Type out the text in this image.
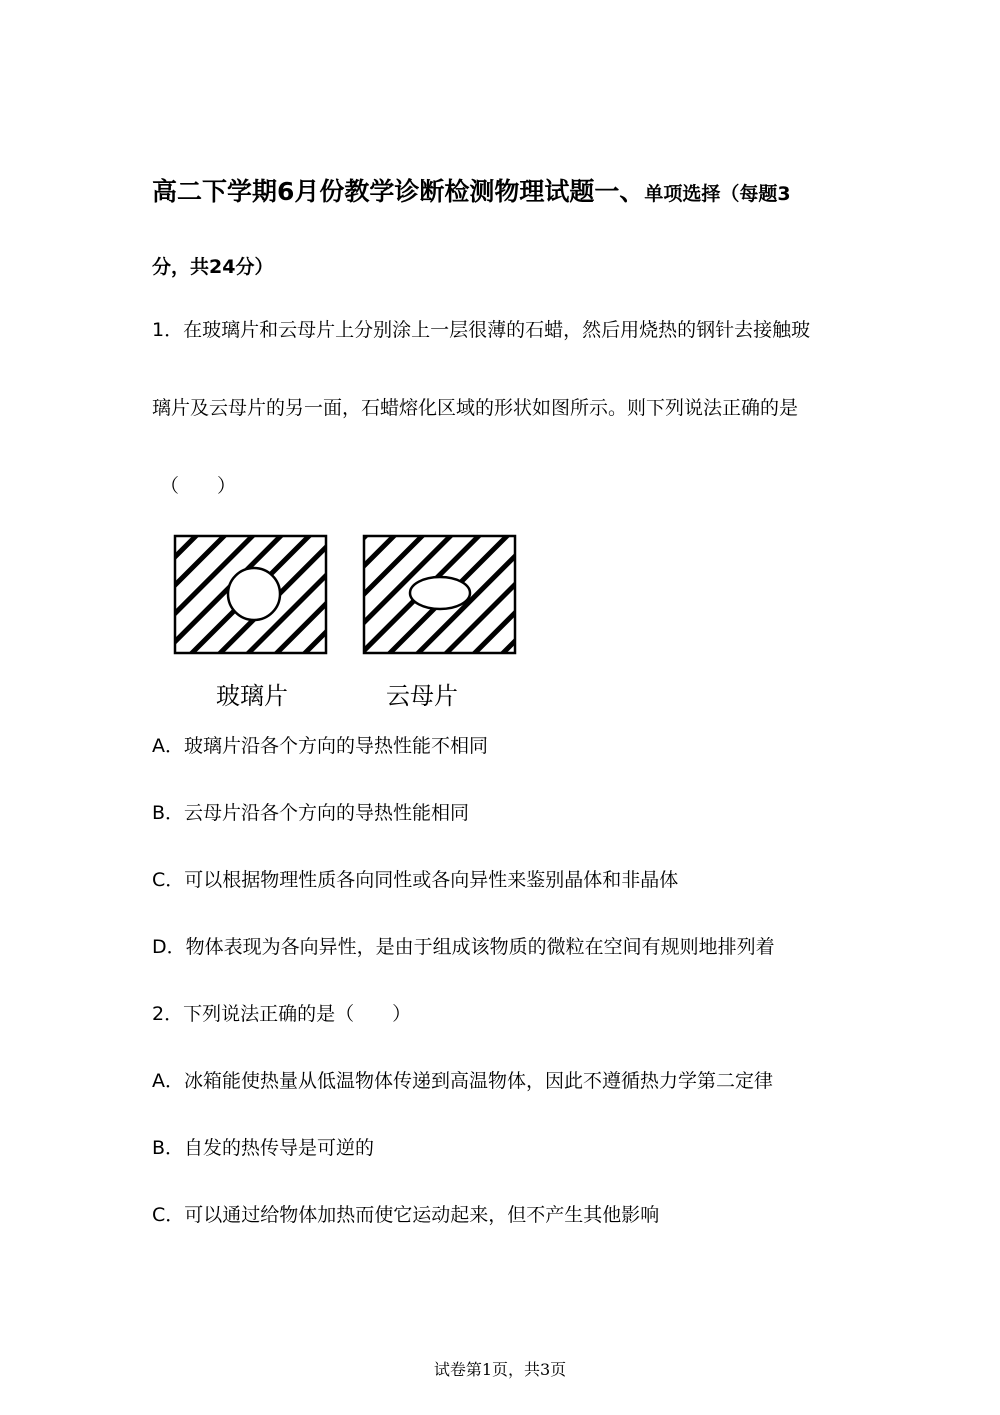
高二下学期6月份教学诊断检测物理试题一、单项选择（每题3
分，共24分）
1．在玻璃片和云母片上分别涂上一层很薄的石蜡，然后用烧热的钢针去接触玻
璃片及云母片的另一面，石蜡熔化区域的形状如图所示。则下列说法正确的是
（　　）
玻璃片	云母片
A．玻璃片沿各个方向的导热性能不相同
B．云母片沿各个方向的导热性能相同
C．可以根据物理性质各向同性或各向异性来鉴别晶体和非晶体
D．物体表现为各向异性，是由于组成该物质的微粒在空间有规则地排列着
2．下列说法正确的是（　　）
A．冰箱能使热量从低温物体传递到高温物体，因此不遵循热力学第二定律
B．自发的热传导是可逆的
C．可以通过给物体加热而使它运动起来，但不产生其他影响
试卷第1页，共3页
